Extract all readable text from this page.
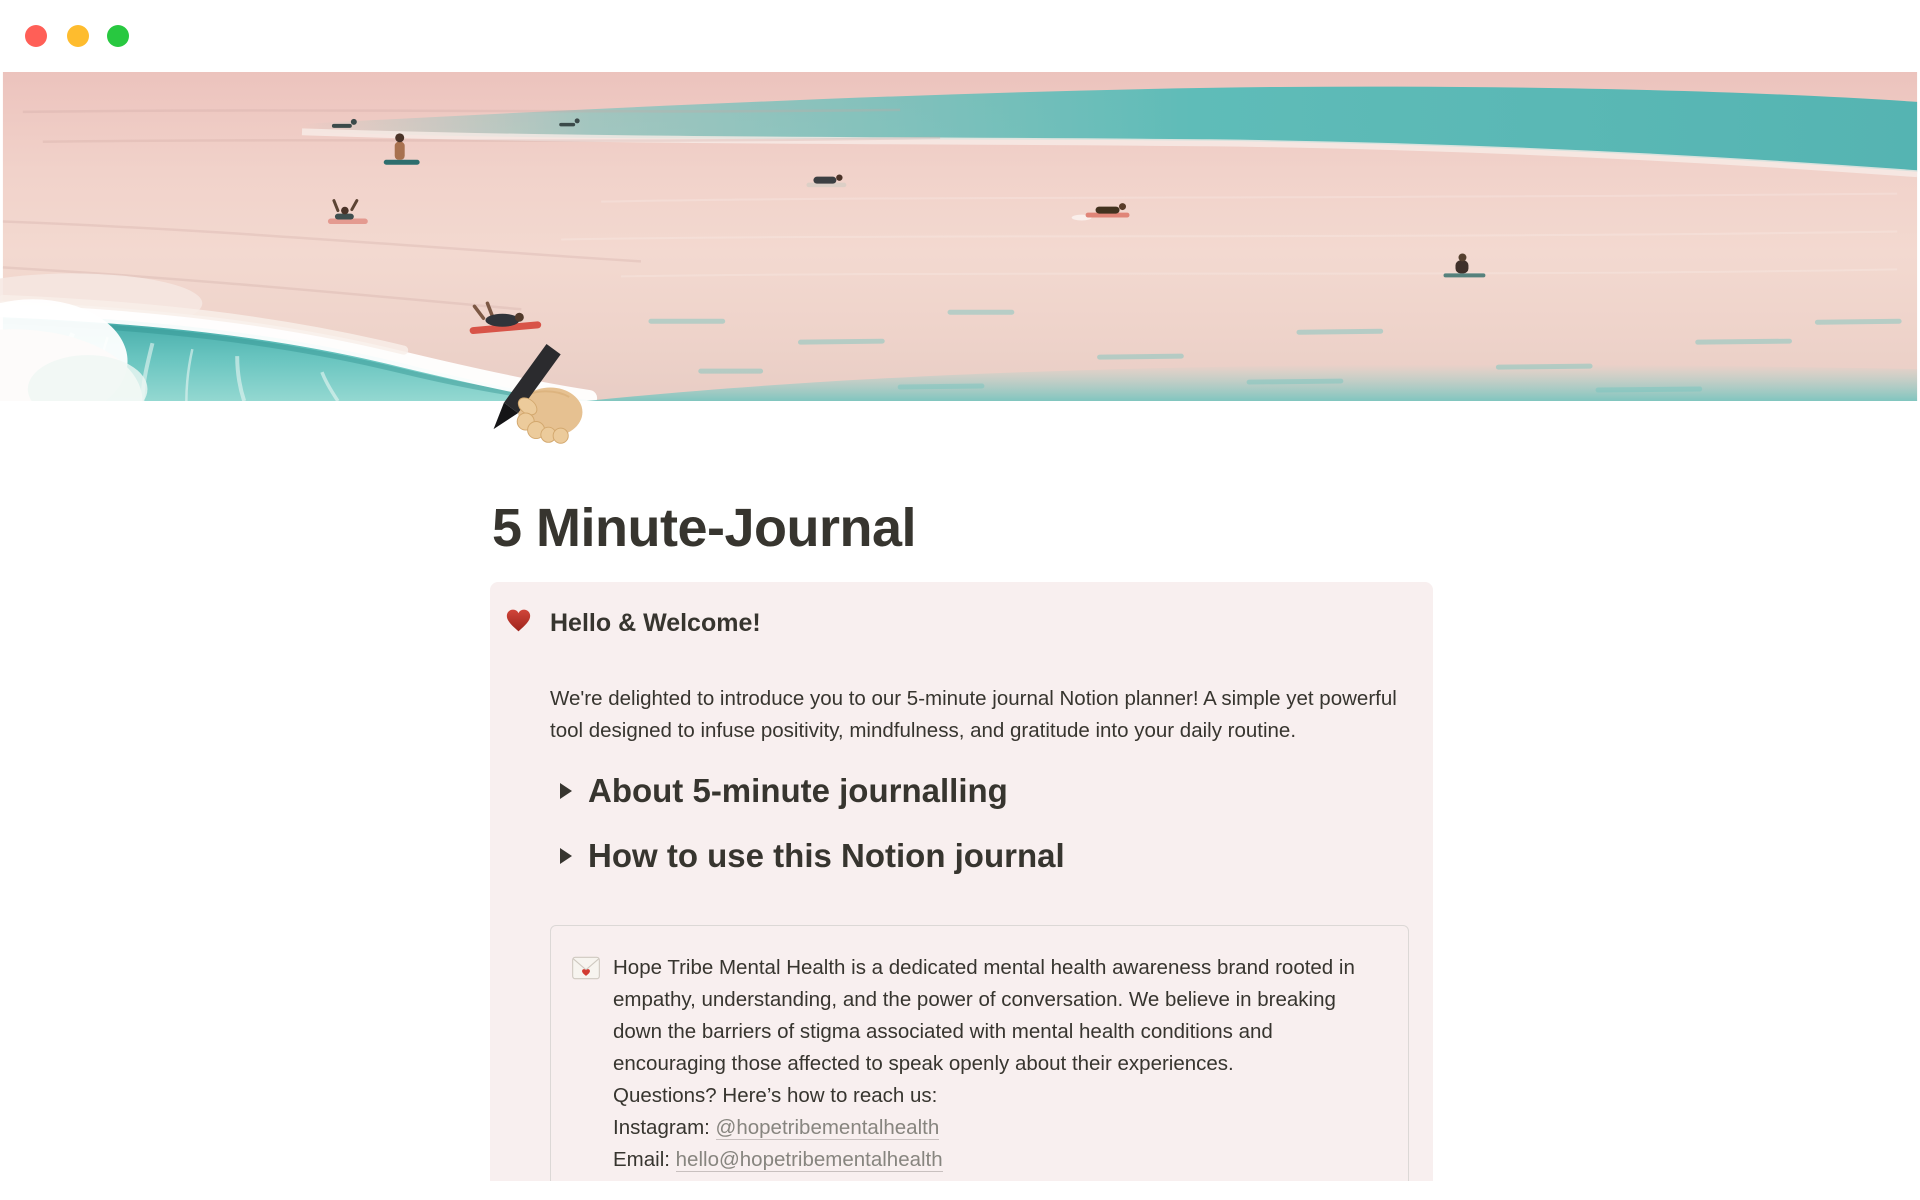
5 Minute-Journal
Hello & Welcome!

We're delighted to introduce you to our 5-minute journal Notion planner! A simple yet powerful tool designed to infuse positivity, mindfulness, and gratitude into your daily routine.

About 5-minute journalling
How to use this Notion journal
Hope Tribe Mental Health is a dedicated mental health awareness brand rooted in empathy, understanding, and the power of conversation. We believe in breaking down the barriers of stigma associated with mental health conditions and encouraging those affected to speak openly about their experiences.
Questions? Here’s how to reach us:
Instagram: @hopetribementalhealth
Email: hello@hopetribementalhealth
